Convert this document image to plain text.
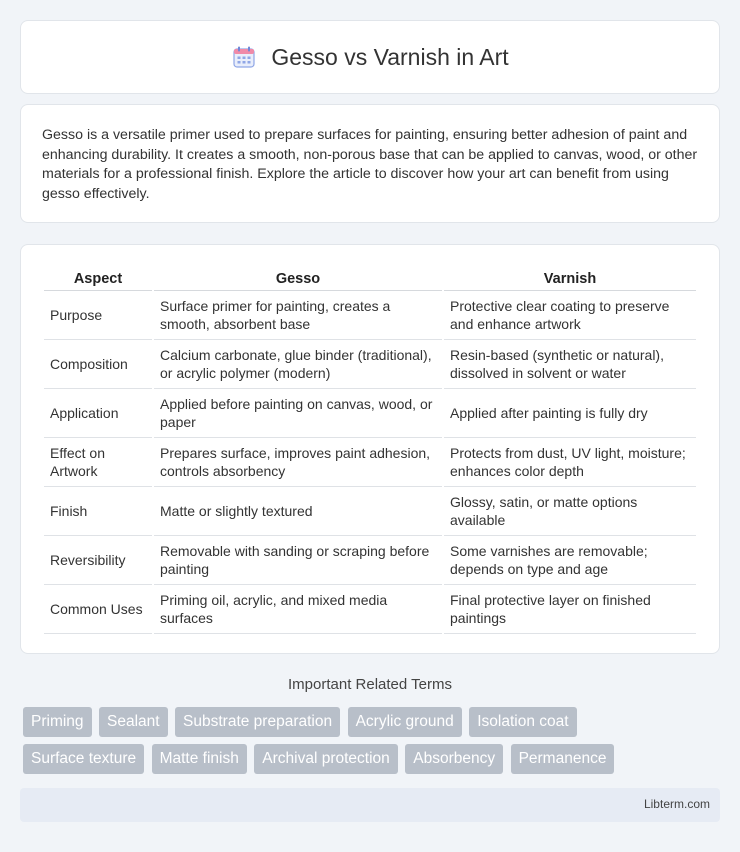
Gesso vs Varnish in Art

Gesso is a versatile primer used to prepare surfaces for painting, ensuring better adhesion of paint and enhancing durability. It creates a smooth, non-porous base that can be applied to canvas, wood, or other materials for a professional finish. Explore the article to discover how your art can benefit from using gesso effectively.

Aspect	Gesso	Varnish
Purpose	Surface primer for painting, creates a smooth, absorbent base	Protective clear coating to preserve and enhance artwork
Composition	Calcium carbonate, glue binder (traditional), or acrylic polymer (modern)	Resin-based (synthetic or natural), dissolved in solvent or water
Application	Applied before painting on canvas, wood, or paper	Applied after painting is fully dry
Effect on Artwork	Prepares surface, improves paint adhesion, controls absorbency	Protects from dust, UV light, moisture; enhances color depth
Finish	Matte or slightly textured	Glossy, satin, or matte options available
Reversibility	Removable with sanding or scraping before painting	Some varnishes are removable; depends on type and age
Common Uses	Priming oil, acrylic, and mixed media surfaces	Final protective layer on finished paintings
Important Related Terms
Priming Sealant Substrate preparation Acrylic ground Isolation coat
Surface texture Matte finish Archival protection Absorbency Permanence
Libterm.com
